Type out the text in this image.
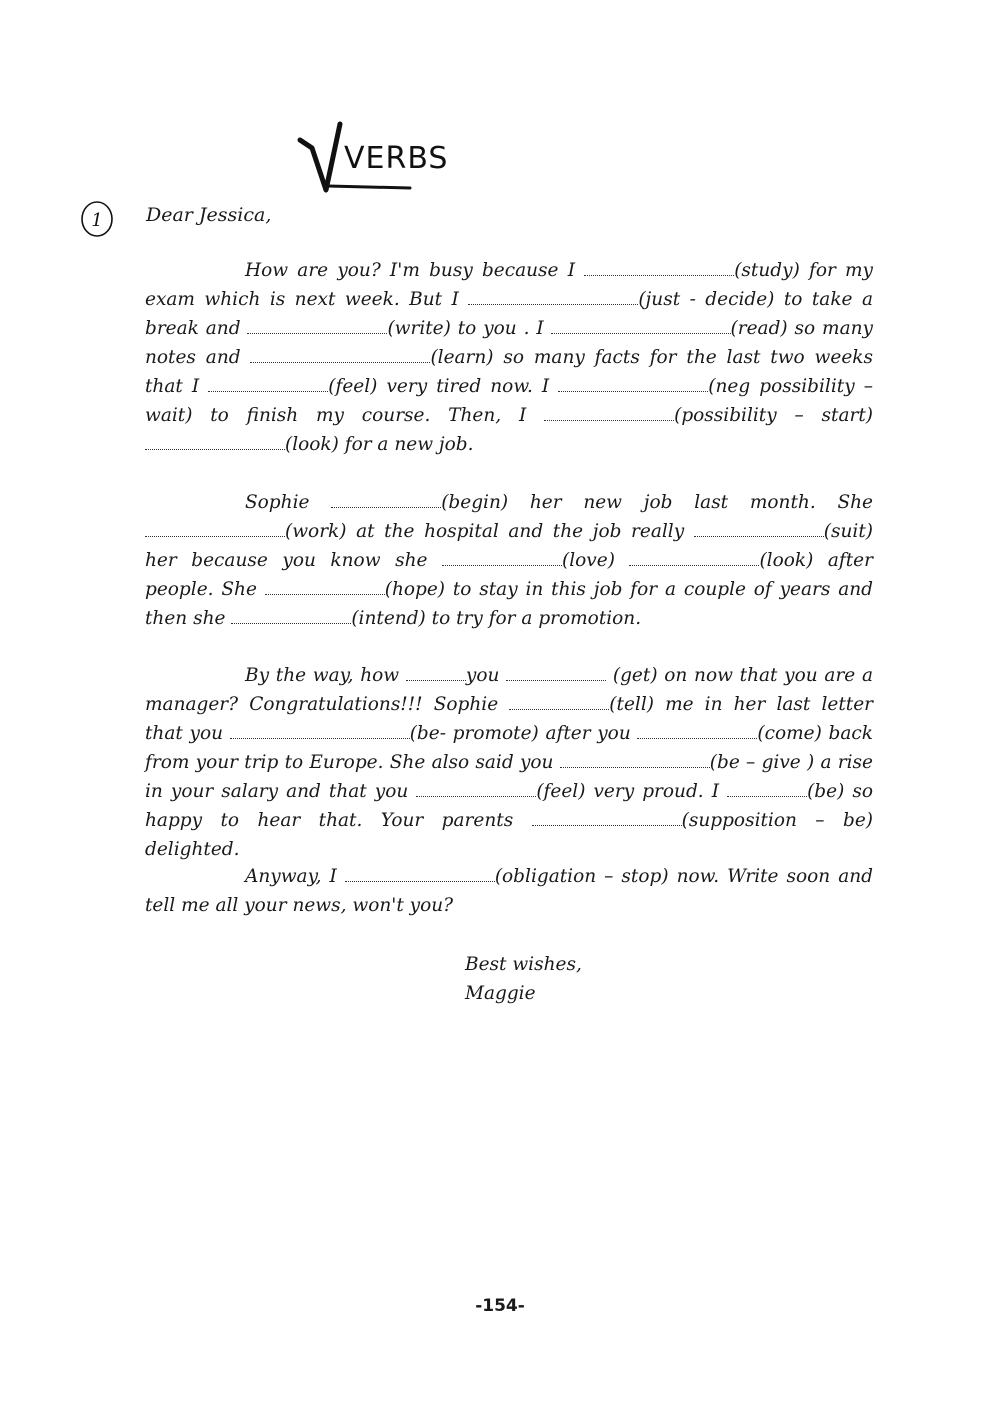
VERBS
1 Dear Jessica,
How are you? I'm busy because I	(study) for my exam which is next week. But I	(just - decide) to take a break and	(write) to you . I	(read) so many notes and	(learn) so many facts for the last two weeks that I	(feel) very tired now. I	(neg possibility – wait) to finish my course. Then, I	(possibility – start) (look) for a new job.
Sophie	(begin) her new job last month. She (work) at the hospital and the job really	(suit) her because you know she	(love)	(look) after people. She	(hope) to stay in this job for a couple of years and then she	(intend) to try for a promotion.
By the way, how	you	(get) on now that you are a manager? Congratulations!!! Sophie	(tell) me in her last letter that you	(be- promote) after you	(come) back from your trip to Europe. She also said you	(be – give ) a rise in your salary and that you	(feel) very proud. I	(be) so happy to hear that. Your parents	(supposition – be) delighted.
Anyway, I	(obligation – stop) now. Write soon and tell me all your news, won't you?
Best wishes,
Maggie
-154-
